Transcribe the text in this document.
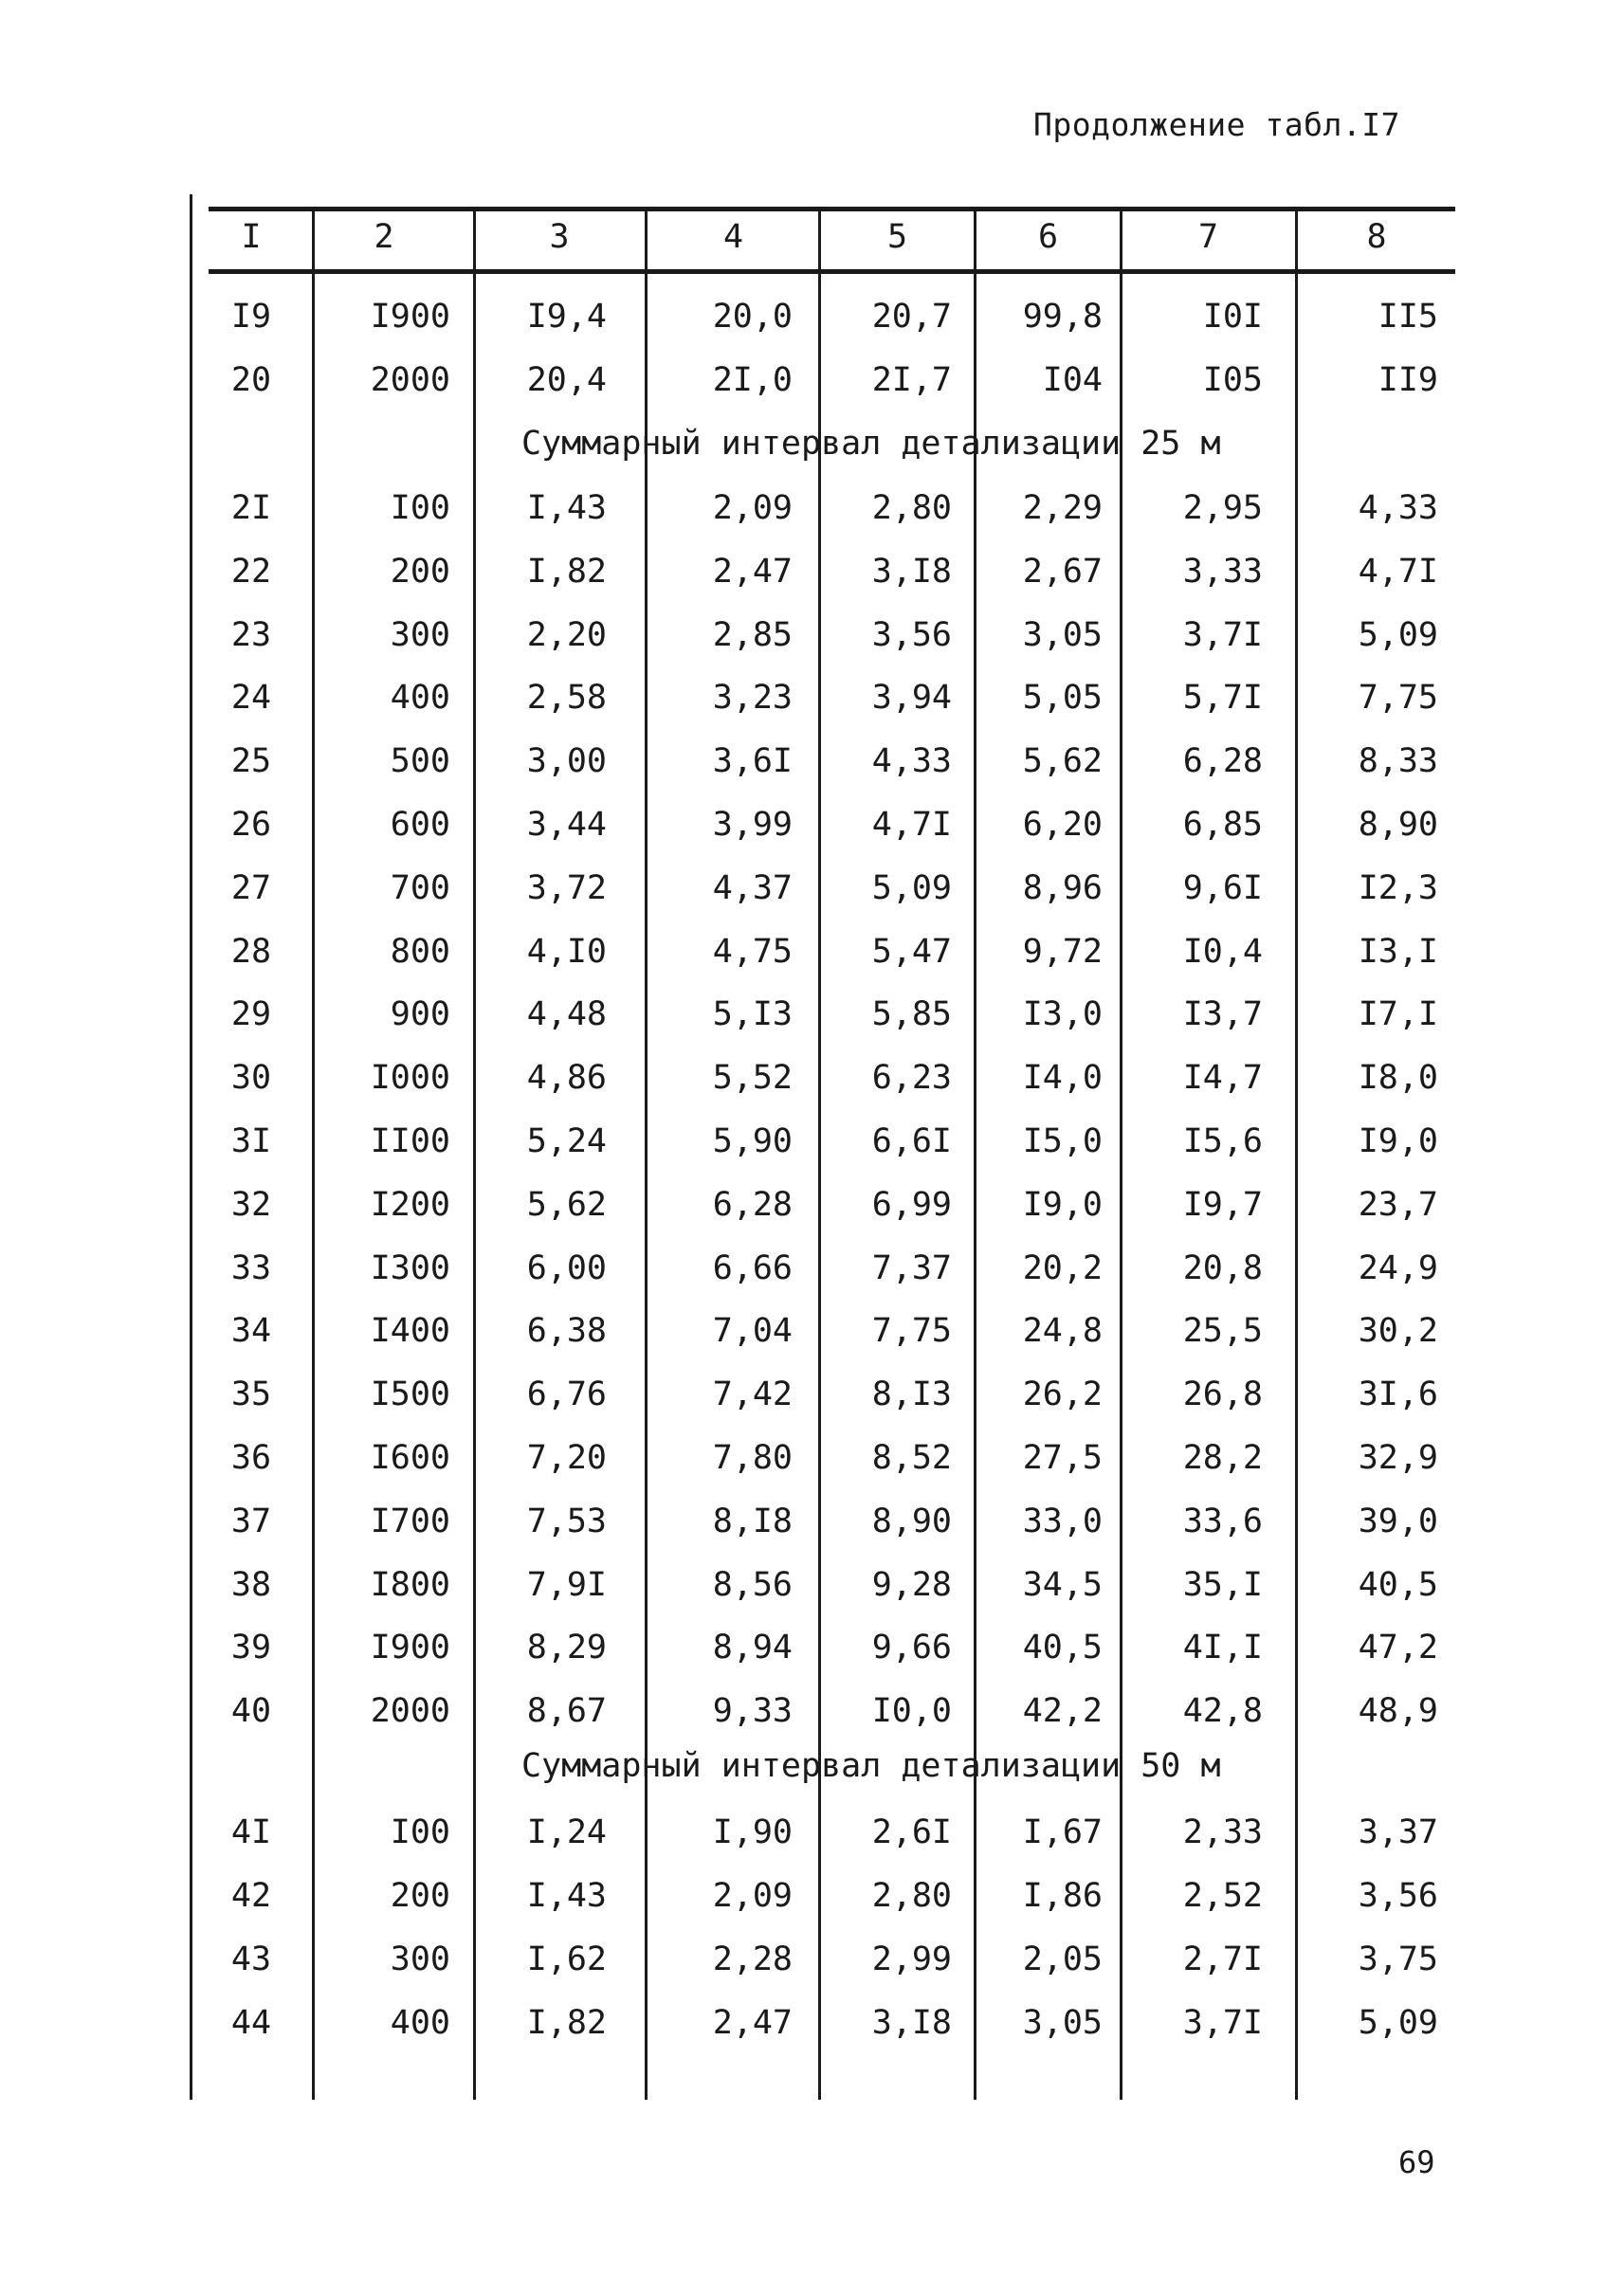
Продолжение табл.I7
I	2	3	4	5	6	7	8
I9	I900	I9,4	20,0	20,7	99,8	I0I	II5
20	2000	20,4	2I,0	2I,7	I04	I05	II9
Суммарный интервал детализации 25 м
2I	I00	I,43	2,09	2,80	2,29	2,95	4,33
22	200	I,82	2,47	3,I8	2,67	3,33	4,7I
23	300	2,20	2,85	3,56	3,05	3,7I	5,09
24	400	2,58	3,23	3,94	5,05	5,7I	7,75
25	500	3,00	3,6I	4,33	5,62	6,28	8,33
26	600	3,44	3,99	4,7I	6,20	6,85	8,90
27	700	3,72	4,37	5,09	8,96	9,6I	I2,3
28	800	4,I0	4,75	5,47	9,72	I0,4	I3,I
29	900	4,48	5,I3	5,85	I3,0	I3,7	I7,I
30	I000	4,86	5,52	6,23	I4,0	I4,7	I8,0
3I	II00	5,24	5,90	6,6I	I5,0	I5,6	I9,0
32	I200	5,62	6,28	6,99	I9,0	I9,7	23,7
33	I300	6,00	6,66	7,37	20,2	20,8	24,9
34	I400	6,38	7,04	7,75	24,8	25,5	30,2
35	I500	6,76	7,42	8,I3	26,2	26,8	3I,6
36	I600	7,20	7,80	8,52	27,5	28,2	32,9
37	I700	7,53	8,I8	8,90	33,0	33,6	39,0
38	I800	7,9I	8,56	9,28	34,5	35,I	40,5
39	I900	8,29	8,94	9,66	40,5	4I,I	47,2
40	2000	8,67	9,33	I0,0	42,2	42,8	48,9
Суммарный интервал детализации 50 м
4I	I00	I,24	I,90	2,6I	I,67	2,33	3,37
42	200	I,43	2,09	2,80	I,86	2,52	3,56
43	300	I,62	2,28	2,99	2,05	2,7I	3,75
44	400	I,82	2,47	3,I8	3,05	3,7I	5,09
69
